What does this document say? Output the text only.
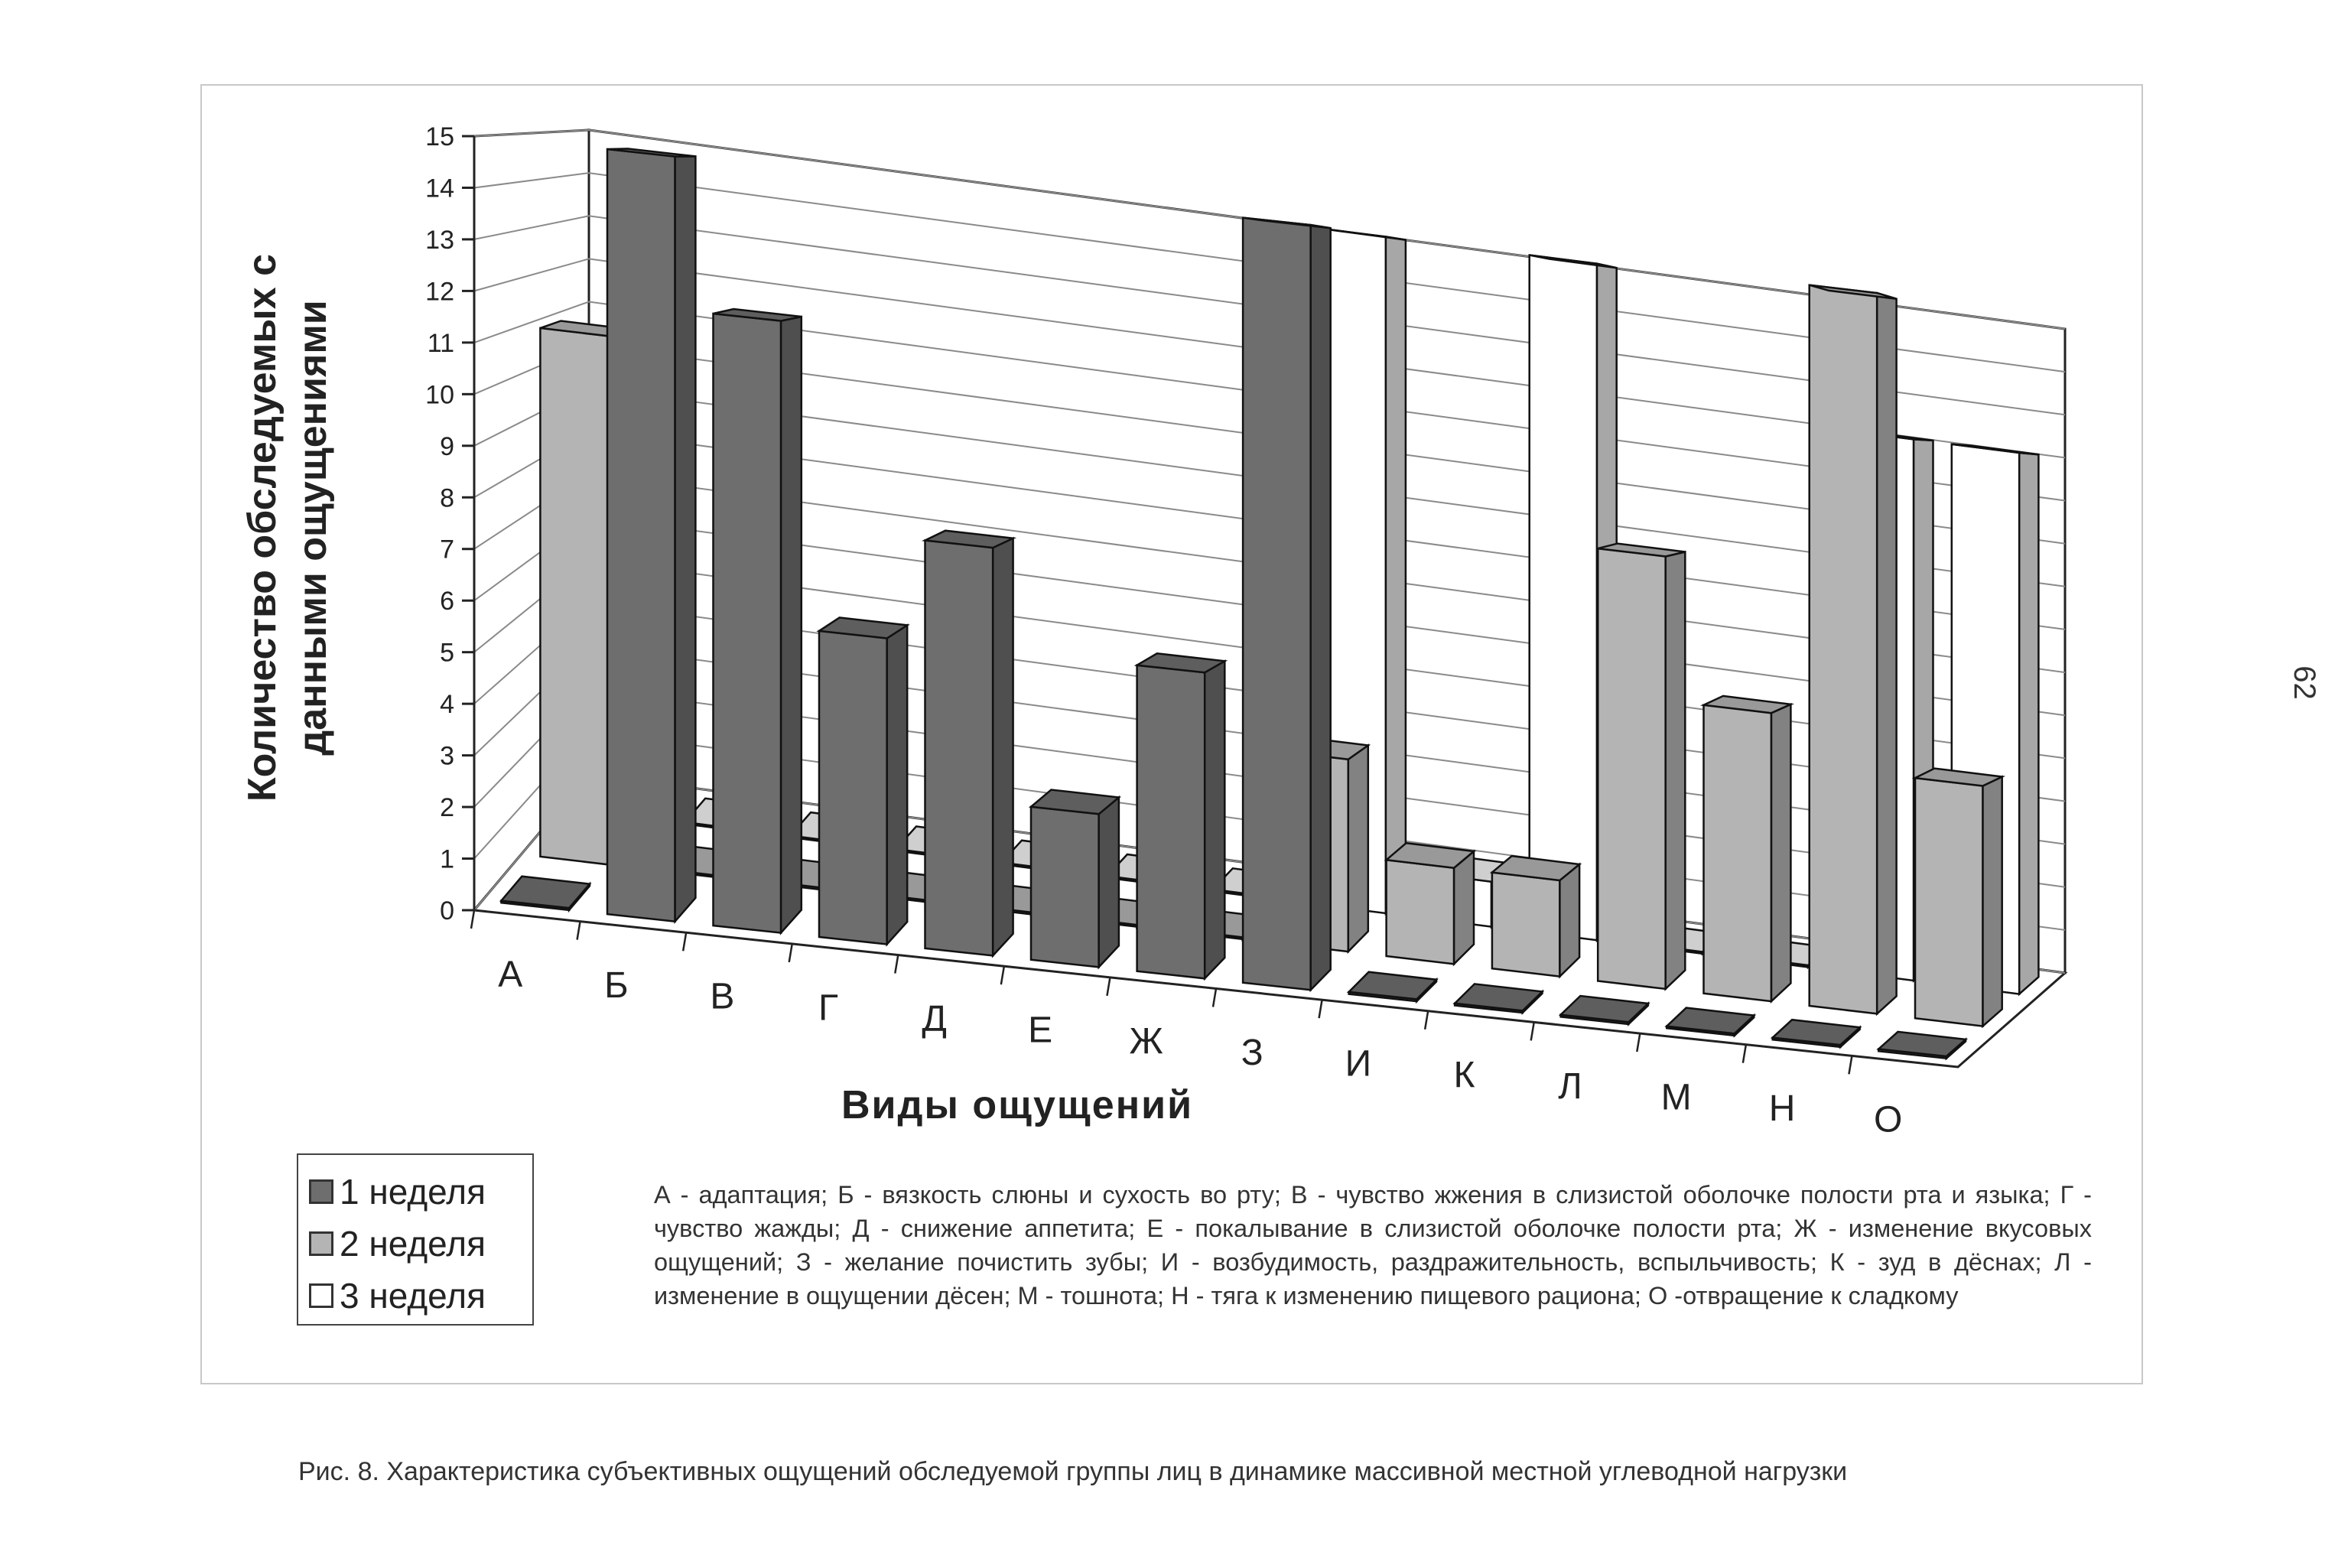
0
1
2
3
4
5
6
7
8
9
10
11
12
13
14
15
А Б В Г Д Е Ж З И К Л М Н О
Виды ощущений
Количество обследуемых с данными ощущениями
1 неделя
2 неделя
3 неделя
А - адаптация; Б - вязкость слюны и сухость во рту; В - чувство жжения в слизистой оболочке полости рта и языка; Г - чувство жажды; Д - снижение аппетита; Е - покалывание в слизистой оболочке полости рта; Ж - изменение вкусовых ощущений; З - желание почистить зубы; И - возбудимость, раздражительность, вспыльчивость; К - зуд в дёснах; Л - изменение в ощущении дёсен; М - тошнота; Н - тяга к изменению пищевого рациона; О -отвращение к сладкому
Рис. 8. Характеристика субъективных ощущений обследуемой группы лиц в динамике массивной местной углеводной нагрузки
62
